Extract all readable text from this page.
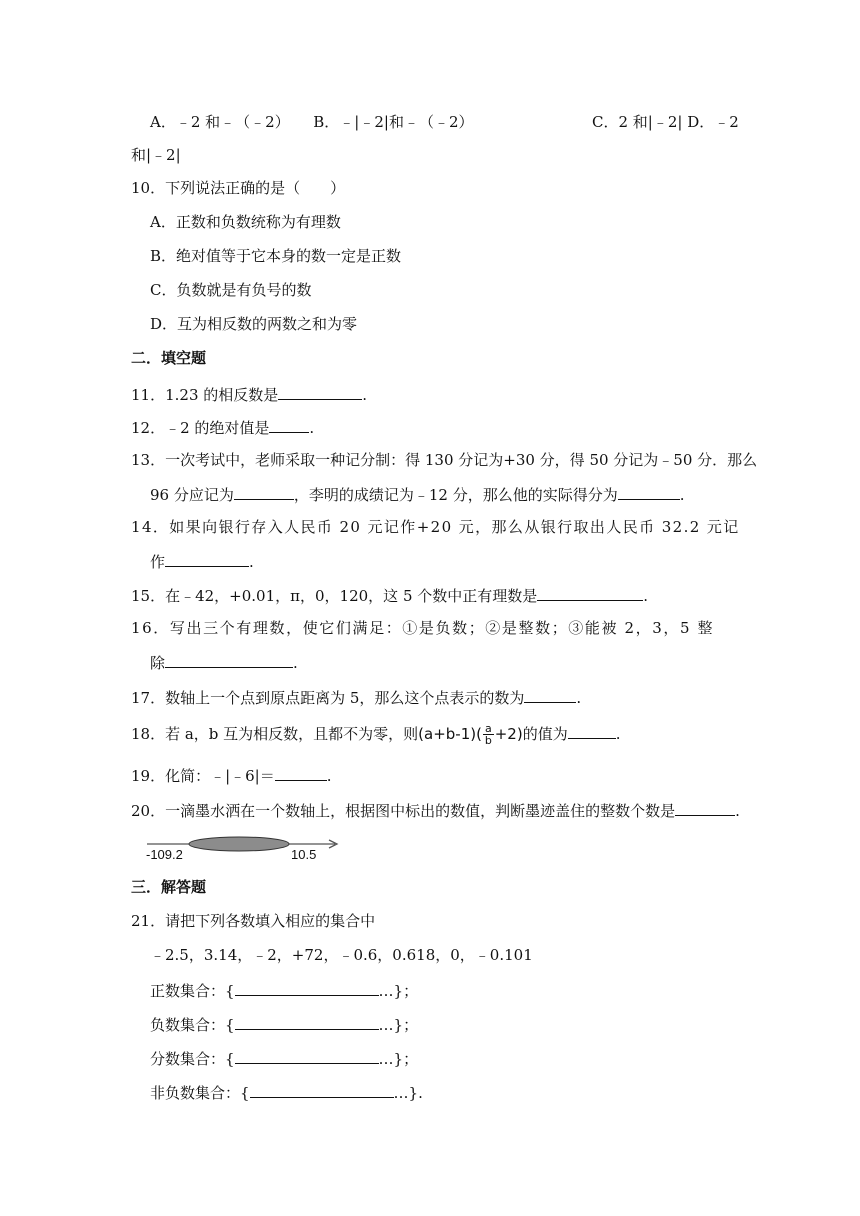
A．﹣2 和﹣（﹣2） B．﹣|﹣2|和﹣（﹣2）	C．2 和|﹣2| D．﹣2
和|﹣2|
10．下列说法正确的是（　　）
A．正数和负数统称为有理数
B．绝对值等于它本身的数一定是正数
C．负数就是有负号的数
D．互为相反数的两数之和为零
二．填空题
11．1.23 的相反数是	.
12．﹣2 的绝对值是	.
13．一次考试中，老师采取一种记分制：得 130 分记为+30 分，得 50 分记为﹣50 分．那么
96 分应记为	，李明的成绩记为﹣12 分，那么他的实际得分为	.
14．如果向银行存入人民币 20 元记作+20 元，那么从银行取出人民币 32.2 元记
作	.
15．在﹣42，+0.01，π，0，120，这 5 个数中正有理数是	.
16．写出三个有理数，使它们满足：①是负数；②是整数；③能被 2，3，5 整
除	.
17．数轴上一个点到原点距离为 5，那么这个点表示的数为	.
18．若 a，b 互为相反数，且都不为零，则$(a+b-1)( \frac{a}{b} +2)$的值为	.
19．化简：﹣|﹣6|＝	.
20．一滴墨水洒在一个数轴上，根据图中标出的数值，判断墨迹盖住的整数个数是	.
-109.2	10.5
三．解答题
21．请把下列各数填入相应的集合中
﹣2.5，3.14，﹣2，+72，﹣0.6，0.618，0，﹣0.101
正数集合：{	…}；
负数集合：{	…}；
分数集合：{	…}；
非负数集合：{	…}.
